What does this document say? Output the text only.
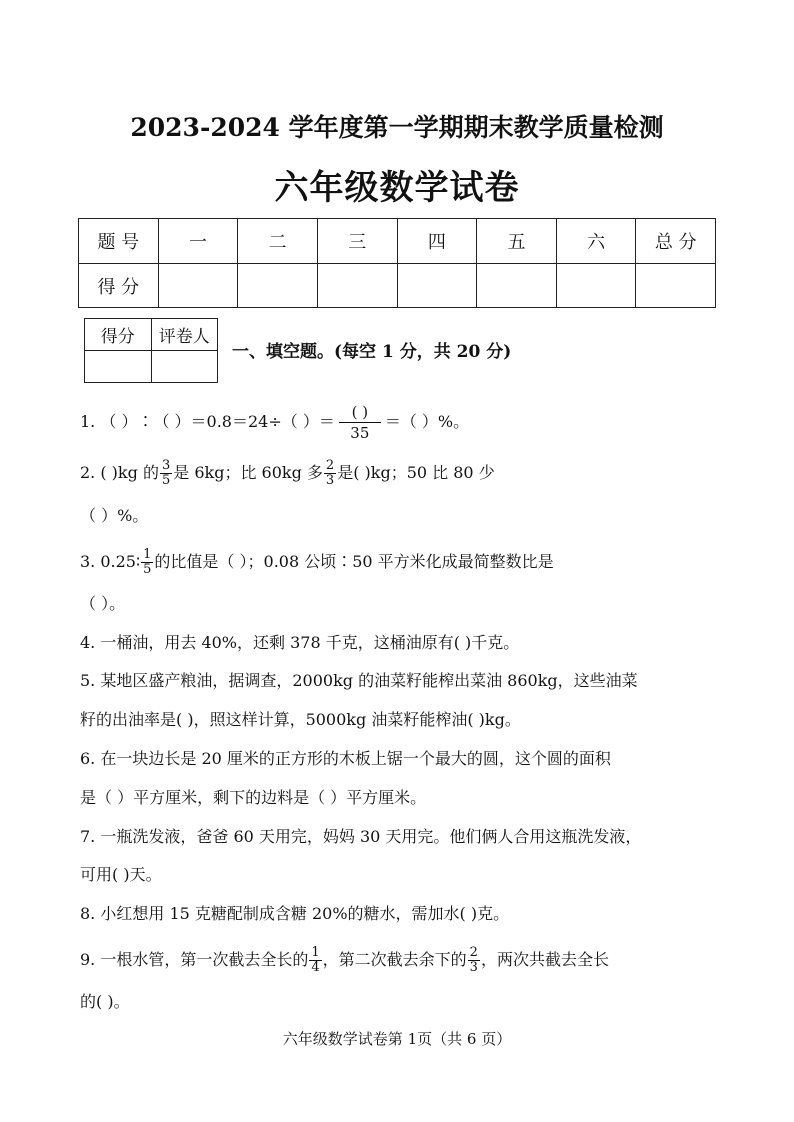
2023-2024 学年度第一学期期末教学质量检测
六年级数学试卷
题 号	一	二	三	四	五	六	总 分
得 分							
得分	评卷人

一、填空题。(每空 1 分，共 20 分)
1. （ ）∶（ ）＝0.8＝24÷（ ）＝ $\frac{( )}{35}$ ＝（ ）%。
2. ( )kg 的 $\frac{3}{5}$ 是 6kg；比 60kg 多 $\frac{2}{3}$ 是( )kg；50 比 80 少
（ ）%。
3. 0.25∶ $\frac{1}{5}$ 的比值是（ ）；0.08 公顷∶50 平方米化成最简整数比是
（ ）。
4. 一桶油，用去 40%，还剩 378 千克，这桶油原有( )千克。
5. 某地区盛产粮油，据调查，2000kg 的油菜籽能榨出菜油 860kg，这些油菜
籽的出油率是( )，照这样计算，5000kg 油菜籽能榨油( )kg。
6. 在一块边长是 20 厘米的正方形的木板上锯一个最大的圆，这个圆的面积
是（ ）平方厘米，剩下的边料是（ ）平方厘米。
7. 一瓶洗发液，爸爸 60 天用完，妈妈 30 天用完。他们俩人合用这瓶洗发液，
可用( )天。
8. 小红想用 15 克糖配制成含糖 20%的糖水，需加水( )克。
9. 一根水管，第一次截去全长的 $\frac{1}{4}$ ，第二次截去余下的 $\frac{2}{3}$ ，两次共截去全长
的( )。
六年级数学试卷第 1页（共 6 页）
